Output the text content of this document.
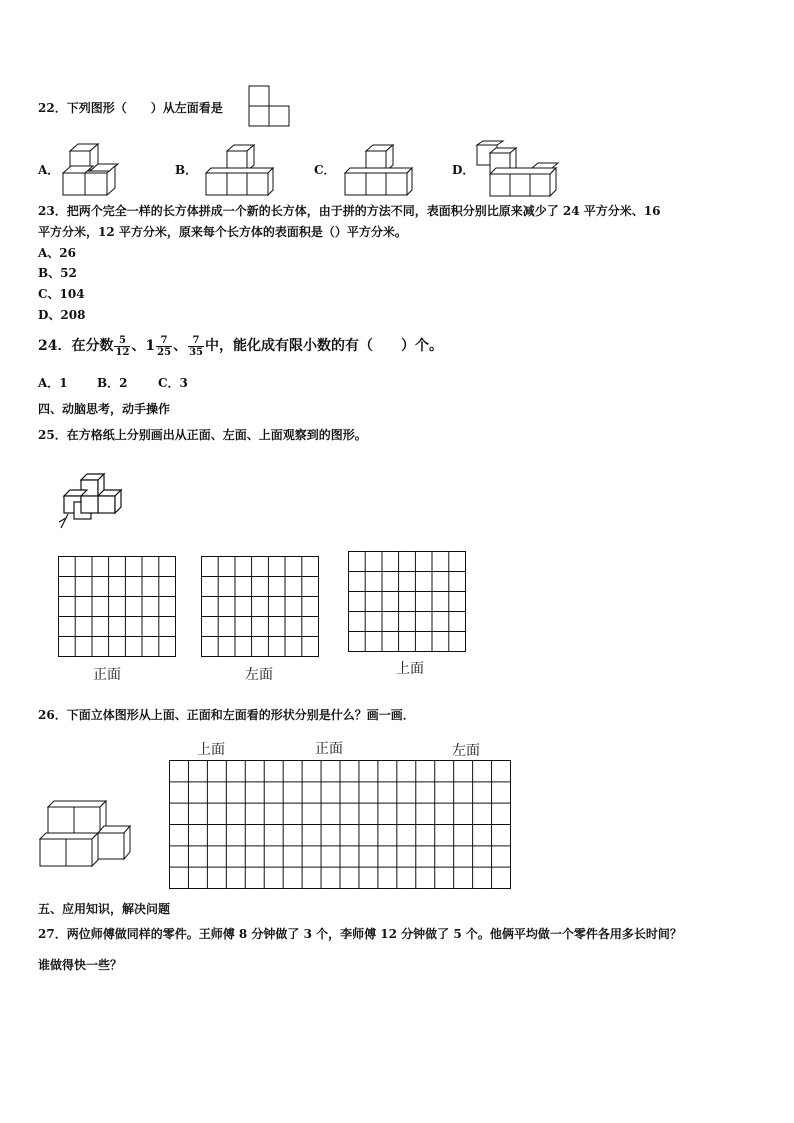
22．下列图形（　　）从左面看是
A．	B．	C．	D．
23．把两个完全一样的长方体拼成一个新的长方体，由于拼的方法不同，表面积分别比原来减少了 24 平方分米、16
平方分米，12 平方分米，原来每个长方体的表面积是（）平方分米。
A、26
B、52
C、104
D、208
24．在分数 $\frac{5}{12}$ 、$1 \frac{7}{25}$ 、 $\frac{7}{35}$ 中，能化成有限小数的有（　　）个。
A．1 B．2	C．3
四、动脑思考，动手操作
25．在方格纸上分别画出从正面、左面、上面观察到的图形。
正面	左面	上面
26．下面立体图形从上面、正面和左面看的形状分别是什么？画一画．
上面	正面	左面
五、应用知识，解决问题
27．两位师傅做同样的零件。王师傅 8 分钟做了 3 个，李师傅 12 分钟做了 5 个。他俩平均做一个零件各用多长时间？
谁做得快一些？
